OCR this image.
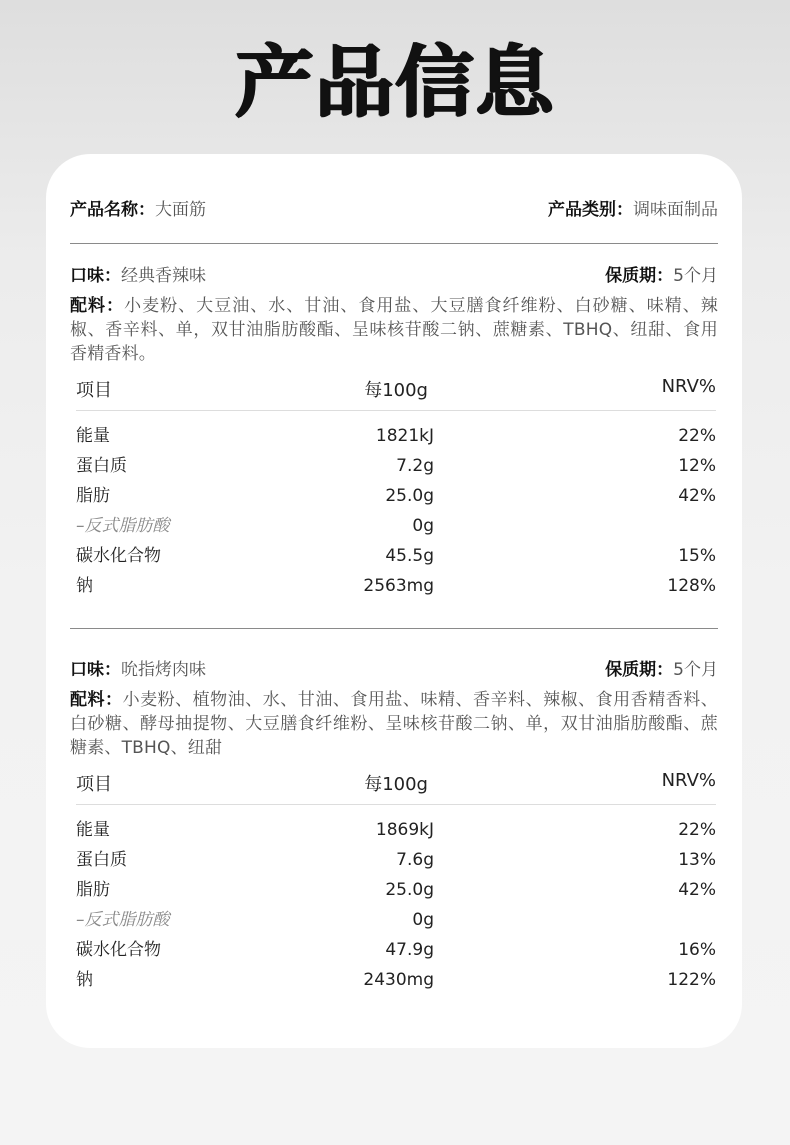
产品信息
产品名称：大面筋	产品类别：调味面制品
口味：经典香辣味	保质期：5个月
配料：小麦粉、大豆油、水、甘油、食用盐、大豆膳食纤维粉、白砂糖、味精、辣椒、香辛料、单，双甘油脂肪酸酯、呈味核苷酸二钠、蔗糖素、TBHQ、纽甜、食用香精香料。
项目	每100g	NRV%
能量	1821kJ	22%
蛋白质	7.2g	12%
脂肪	25.0g	42%
–反式脂肪酸	0g
碳水化合物	45.5g	15%
钠	2563mg	128%
口味：吮指烤肉味	保质期：5个月
配料：小麦粉、植物油、水、甘油、食用盐、味精、香辛料、辣椒、食用香精香料、白砂糖、酵母抽提物、大豆膳食纤维粉、呈味核苷酸二钠、单，双甘油脂肪酸酯、蔗糖素、TBHQ、纽甜
项目	每100g	NRV%
能量	1869kJ	22%
蛋白质	7.6g	13%
脂肪	25.0g	42%
–反式脂肪酸	0g
碳水化合物	47.9g	16%
钠	2430mg	122%
